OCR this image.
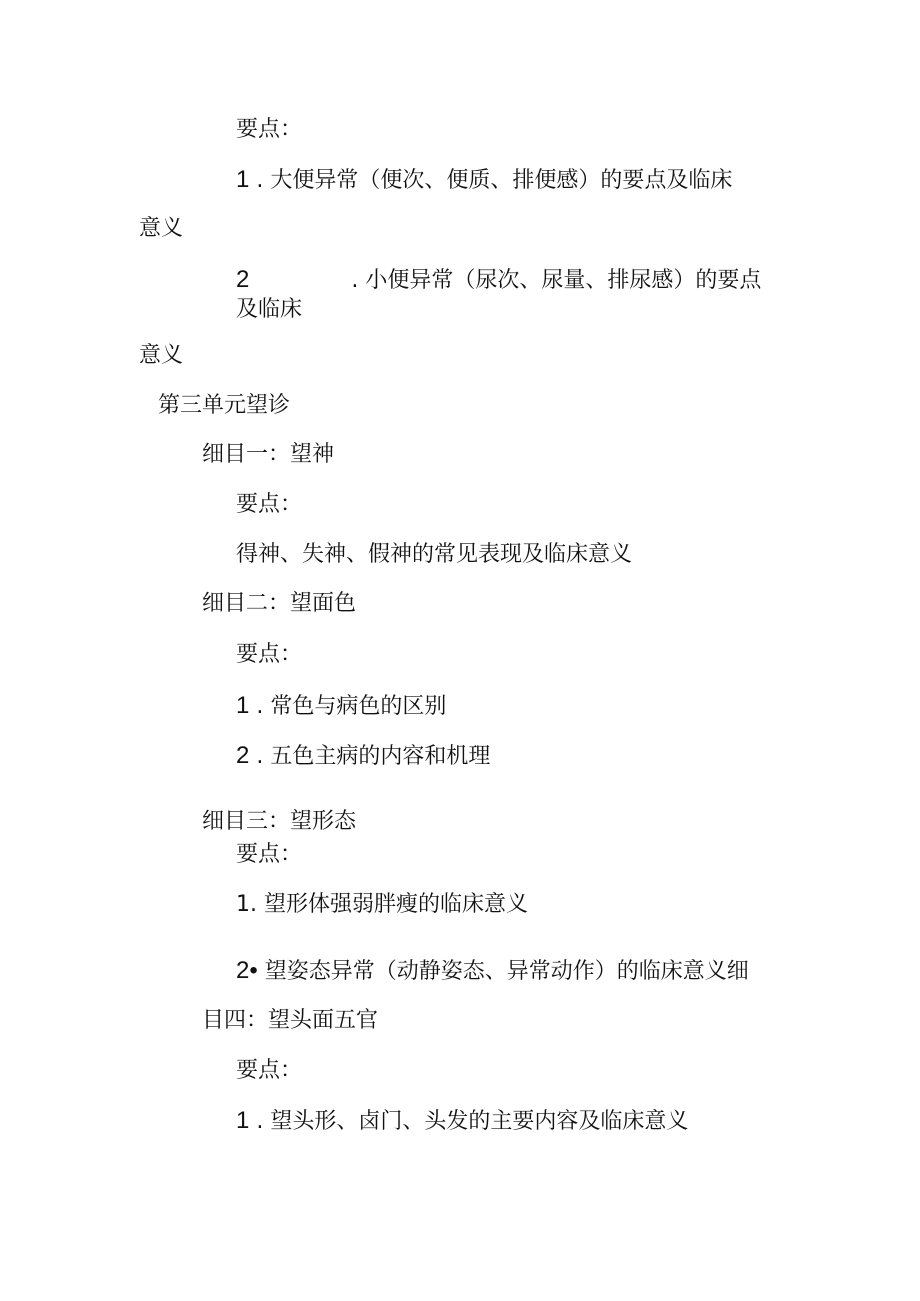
要点：
1 . 大便异常（便次、便质、排便感）的要点及临床
意义
2	. 小便异常（尿次、尿量、排尿感）的要点
及临床
意义
第三单元望诊
细目一：望神
要点：
得神、失神、假神的常见表现及临床意义
细目二：望面色
要点：
1 . 常色与病色的区别
2 . 五色主病的内容和机理
细目三：望形态
要点：
1. 望形体强弱胖瘦的临床意义
2• 望姿态异常（动静姿态、异常动作）的临床意义细
目四：望头面五官
要点：
1 . 望头形、卤门、头发的主要内容及临床意义
